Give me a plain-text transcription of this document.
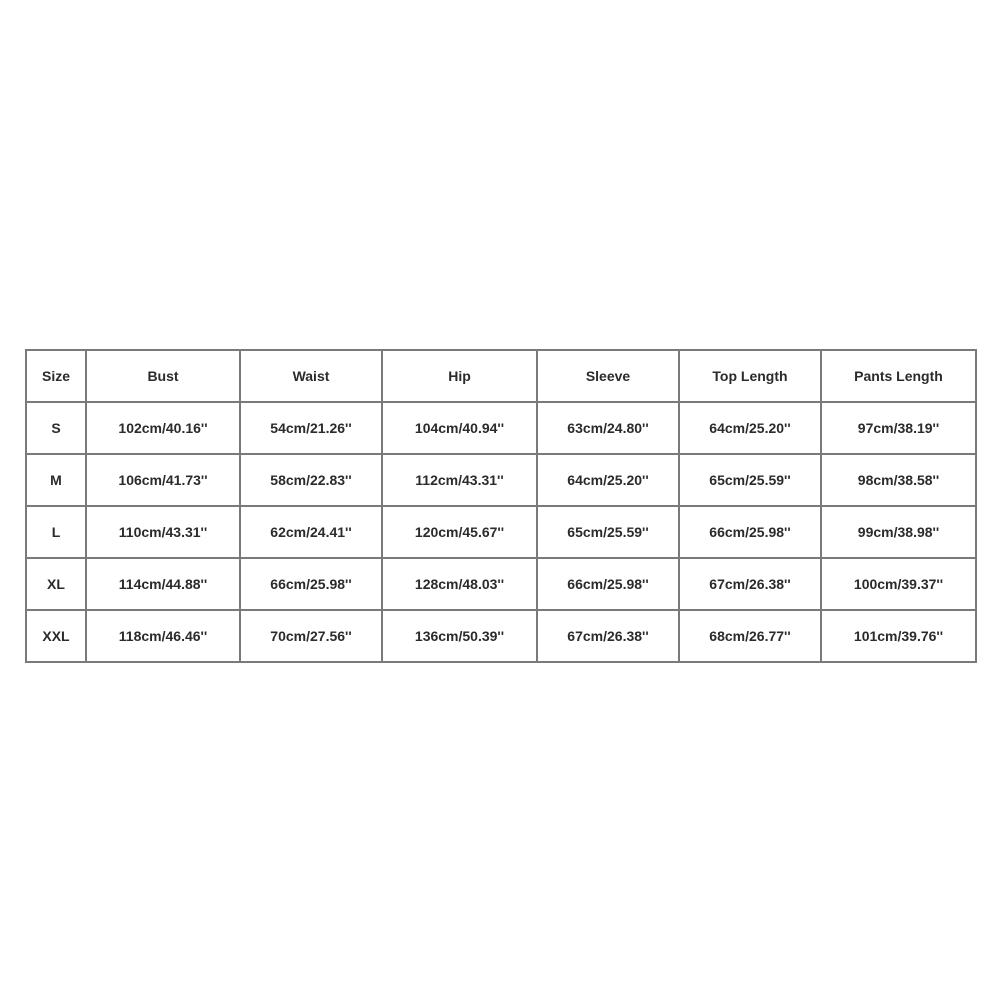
Size	Bust	Waist	Hip	Sleeve	Top Length	Pants Length
S	102cm/40.16''	54cm/21.26''	104cm/40.94''	63cm/24.80''	64cm/25.20''	97cm/38.19''
M	106cm/41.73''	58cm/22.83''	112cm/43.31''	64cm/25.20''	65cm/25.59''	98cm/38.58''
L	110cm/43.31''	62cm/24.41''	120cm/45.67''	65cm/25.59''	66cm/25.98''	99cm/38.98''
XL	114cm/44.88''	66cm/25.98''	128cm/48.03''	66cm/25.98''	67cm/26.38''	100cm/39.37''
XXL	118cm/46.46''	70cm/27.56''	136cm/50.39''	67cm/26.38''	68cm/26.77''	101cm/39.76''
